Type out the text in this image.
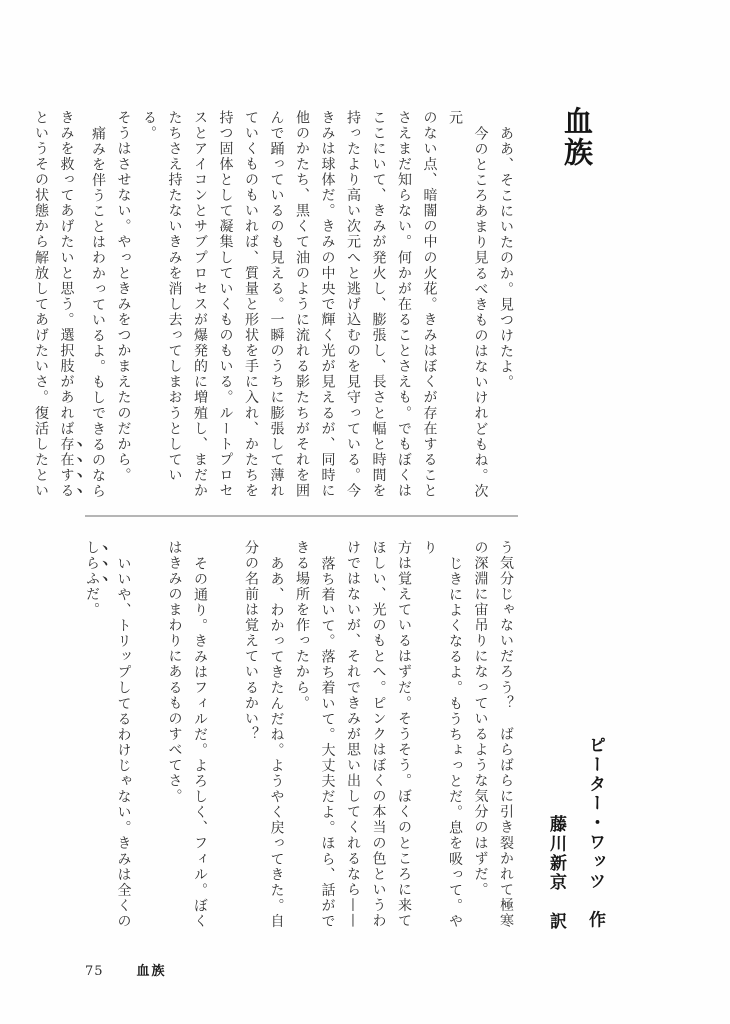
血族

ああ、そこにいたのか。見つけたよ。

今のところあまり見るべきものはないけれどもね。次元

のない点、暗闇の中の火花。きみはぼくが存在すること

さえまだ知らない。何かが在ることさえも。でもぼくは

ここにいて、きみが発火し、膨張し、長さと幅と時間を

持ったより高い次元へと逃げ込むのを見守っている。今

きみは球体だ。きみの中央で輝く光が見えるが、同時に

他のかたち、黒くて油のように流れる影たちがそれを囲

んで踊っているのも見える。一瞬のうちに膨張して薄れ

ていくものもいれば、質量と形状を手に入れ、かたちを

持つ固体として凝集していくものもいる。ルートプロセ

スとアイコンとサブプロセスが爆発的に増殖し、まだか

たちさえ持たないきみを消し去ってしまおうとしている。

そうはさせない。やっときみをつかまえたのだから。

痛みを伴うことはわかっているよ。もしできるのなら

きみを救ってあげたいと思う。選択肢があれば存在する

というその状態から解放してあげたいさ。復活したとい

う気分じゃないだろう？　ばらばらに引き裂かれて極寒

の深淵に宙吊りになっているような気分のはずだ。

じきによくなるよ。もうちょっとだ。息を吸って。やり

方は覚えているはずだ。そうそう。ぼくのところに来て

ほしい、光のもとへ。ピンクはぼくの本当の色というわ

けではないが、それできみが思い出してくれるなら——

落ち着いて。落ち着いて。大丈夫だよ。ほら、話がで

きる場所を作ったから。

ああ、わかってきたんだね。ようやく戻ってきた。自

分の名前は覚えているかい？

その通り。きみはフィルだ。よろしく、フィル。ぼく

はきみのまわりにあるものすべてさ。

いいや、トリップしてるわけじゃない。きみは全くの

しらふだ。

ピーター・ワッツ　作
藤川新京　訳
75	血族
